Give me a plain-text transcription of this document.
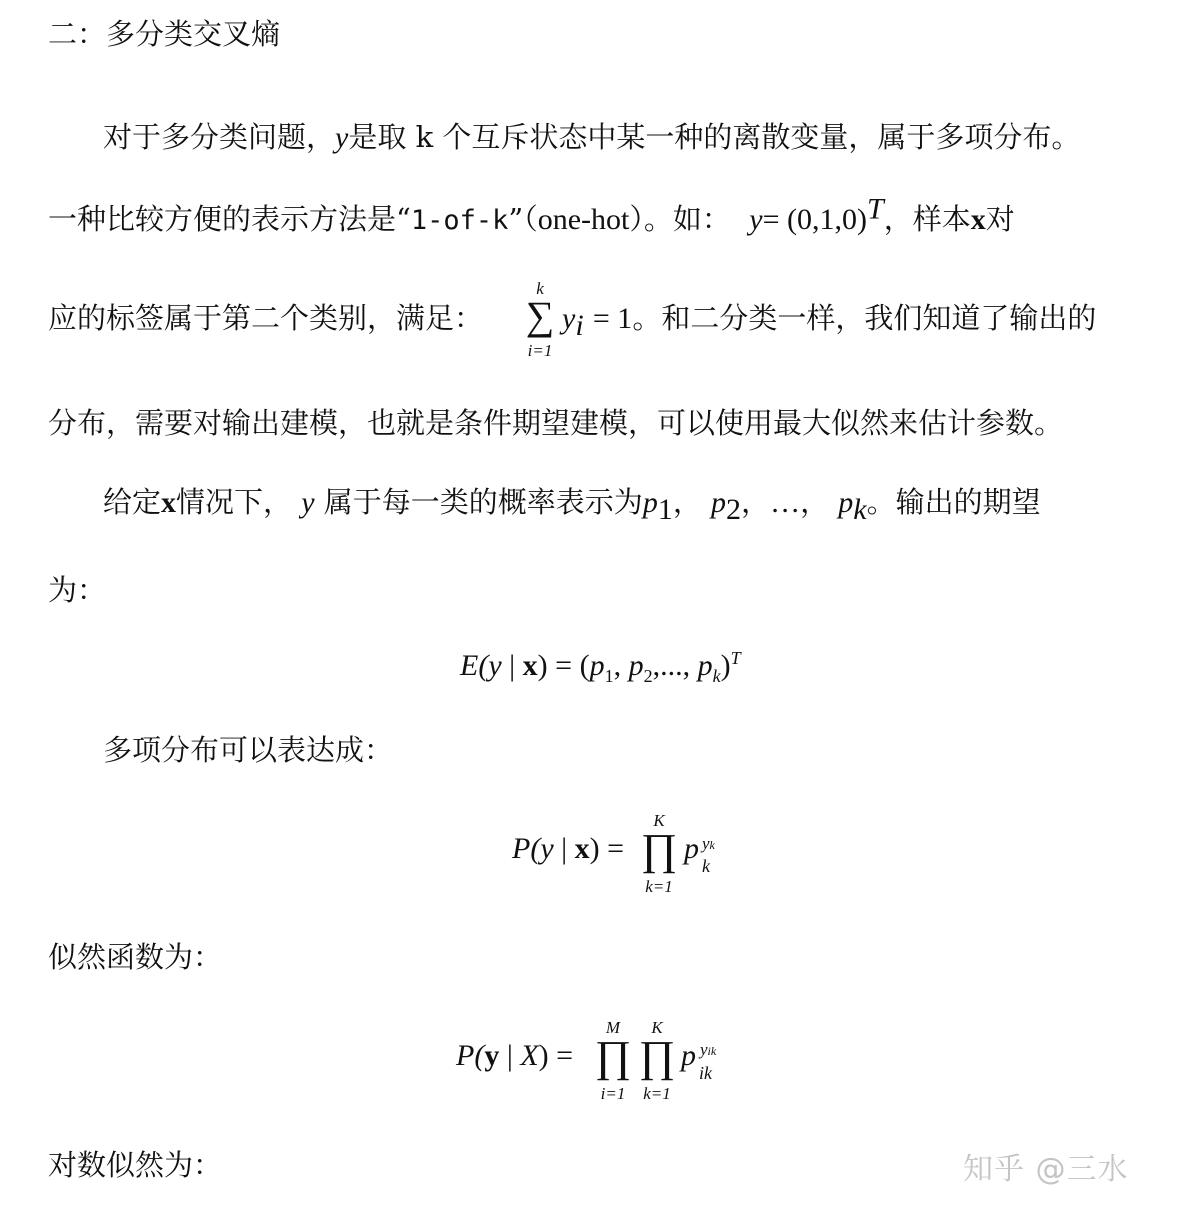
二：多分类交叉熵
对于多分类问题，y是取 k 个互斥状态中某一种的离散变量，属于多项分布。
一种比较方便的表示方法是“1-of-k”（one-hot）。如： $y= (0,1,0)^T$，样本x对
应的标签属于第二个类别，满足：
k
∑
i=1
$y_i = 1$。和二分类一样，我们知道了输出的
分布，需要对输出建模，也就是条件期望建模，可以使用最大似然来估计参数。
给定x情况下， y 属于每一类的概率表示为$p_1$， $p_2$，…， $p_k$。输出的期望
为：
E(y | $x) = (p_1$, $p_2$,..., $p_k)^T$
多项分布可以表达成：
P(y | x) =
K
∏
k=1
p yk
k
似然函数为：
P(y | X) =
M
∏
i=1
K
∏
k=1
p yik
ik
对数似然为：	知乎 @三水
